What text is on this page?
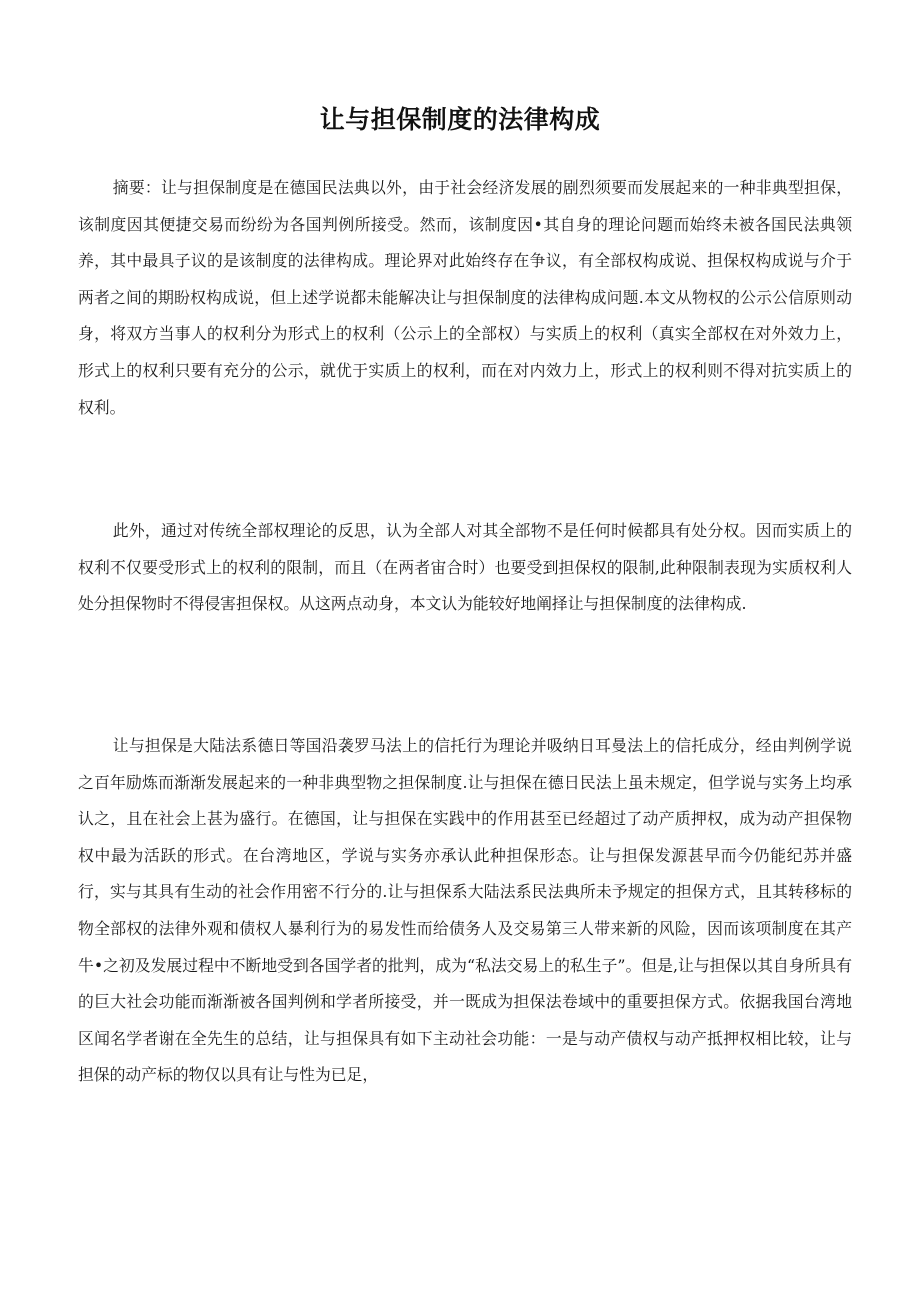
让与担保制度的法律构成

摘要：让与担保制度是在德国民法典以外，由于社会经济发展的剧烈须要而发展起来的一种非典型担保，该制度因其便捷交易而纷纷为各国判例所接受。然而，该制度因•其自身的理论问题而始终未被各国民法典领养，其中最具子议的是该制度的法律构成。理论界对此始终存在争议，有全部权构成说、担保权构成说与介于两者之间的期盼权构成说，但上述学说都未能解决让与担保制度的法律构成问题.本文从物权的公示公信原则动身，将双方当事人的权利分为形式上的权利（公示上的全部权）与实质上的权利（真实全部权在对外效力上，形式上的权利只要有充分的公示，就优于实质上的权利，而在对内效力上，形式上的权利则不得对抗实质上的权利。

此外，通过对传统全部权理论的反思，认为全部人对其全部物不是任何时候都具有处分权。因而实质上的权利不仅要受形式上的权利的限制，而且（在两者宙合时）也要受到担保权的限制,此种限制表现为实质权利人处分担保物时不得侵害担保权。从这两点动身，本文认为能较好地阐择让与担保制度的法律构成.

让与担保是大陆法系德日等国沿袭罗马法上的信托行为理论并吸纳日耳曼法上的信托成分，经由判例学说之百年励炼而渐渐发展起来的一种非典型物之担保制度.让与担保在德日民法上虽未规定，但学说与实务上均承认之，且在社会上甚为盛行。在德国，让与担保在实践中的作用甚至已经超过了动产质押权，成为动产担保物权中最为活跃的形式。在台湾地区，学说与实务亦承认此种担保形态。让与担保发源甚早而今仍能纪苏并盛行，实与其具有生动的社会作用密不行分的.让与担保系大陆法系民法典所未予规定的担保方式，且其转移标的物全部权的法律外观和债权人暴利行为的易发性而给债务人及交易第三人带来新的风险，因而该项制度在其产牛•之初及发展过程中不断地受到各国学者的批判，成为“私法交易上的私生子”。但是,让与担保以其自身所具有的巨大社会功能而渐渐被各国判例和学者所接受，并一既成为担保法卷域中的重要担保方式。依据我国台湾地区闻名学者谢在全先生的总结，让与担保具有如下主动社会功能：一是与动产债权与动产抵押权相比较，让与担保的动产标的物仅以具有让与性为已足，
